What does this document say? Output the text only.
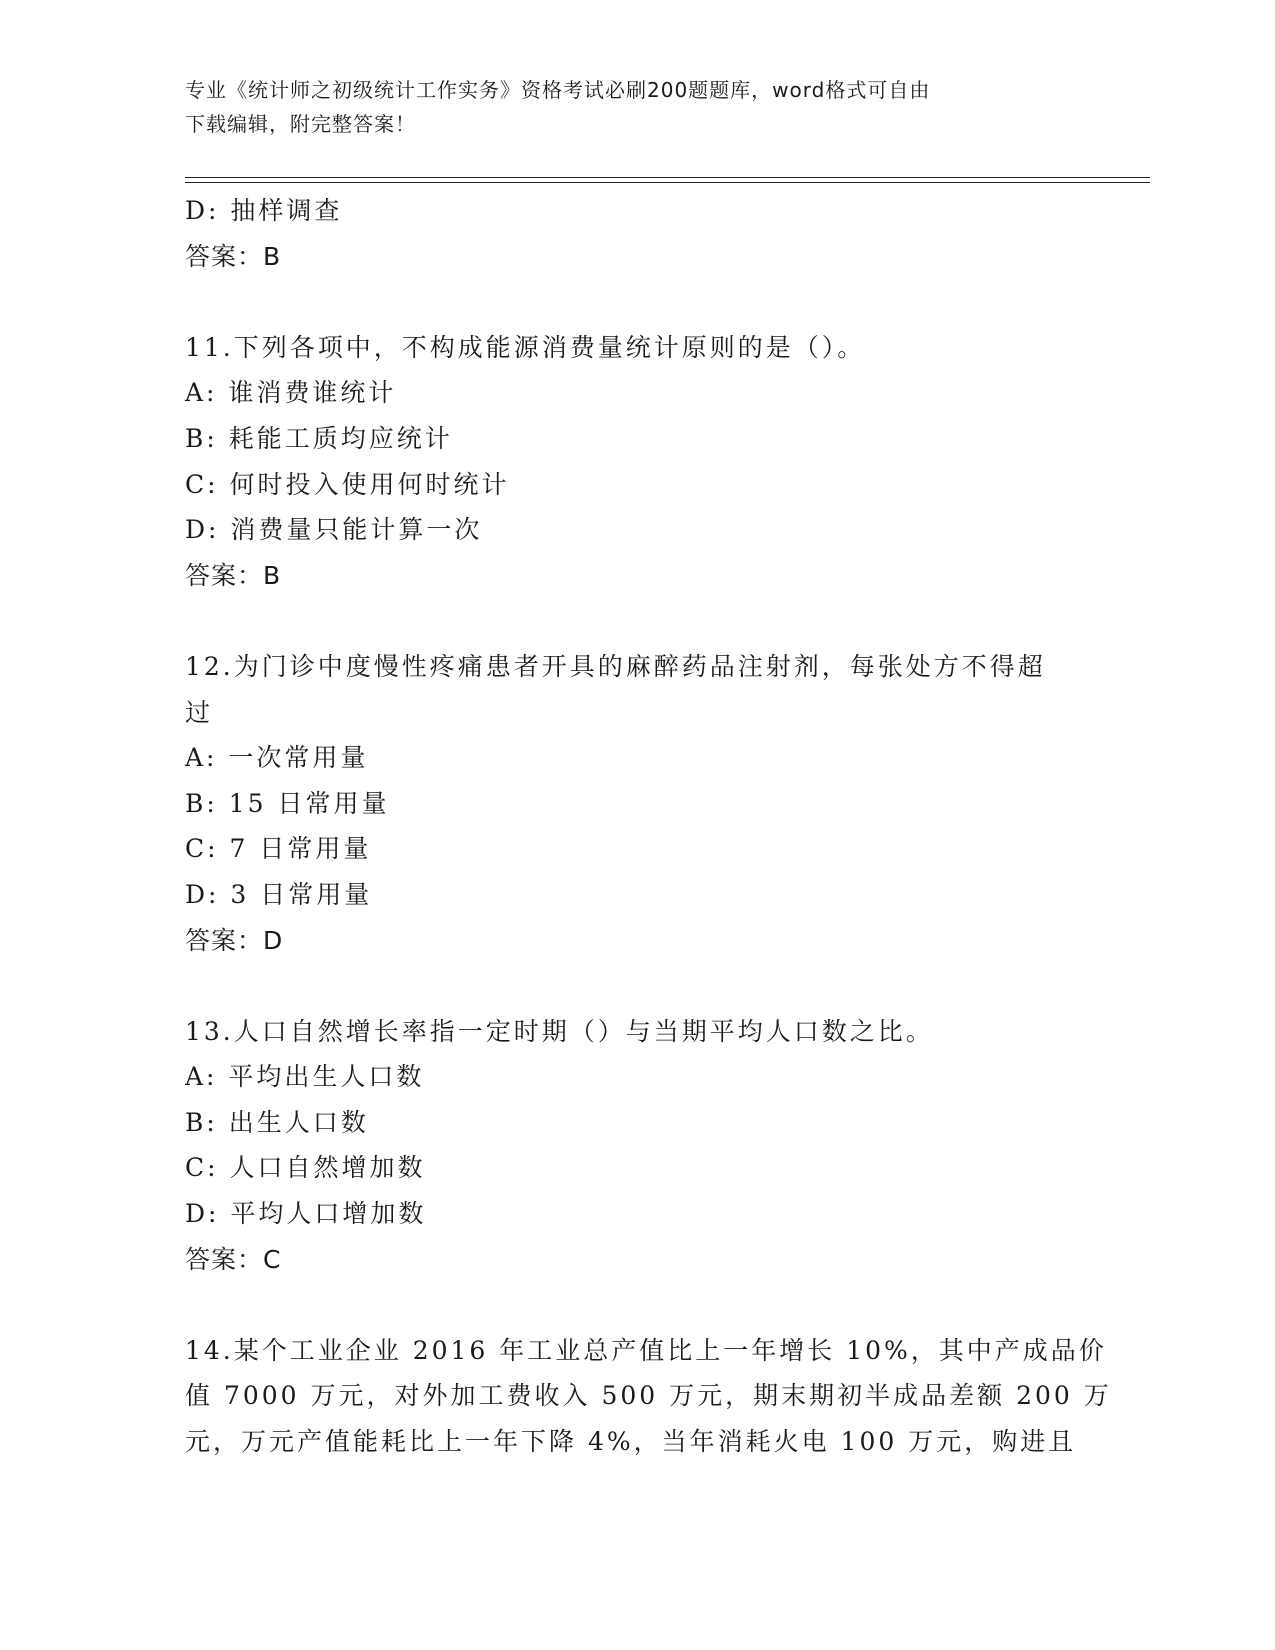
专业《统计师之初级统计工作实务》资格考试必刷200题题库，word格式可自由
下载编辑，附完整答案！
D: 抽样调查
答案：B
11.下列各项中，不构成能源消费量统计原则的是（）。
A: 谁消费谁统计
B: 耗能工质均应统计
C: 何时投入使用何时统计
D: 消费量只能计算一次
答案：B
12.为门诊中度慢性疼痛患者开具的麻醉药品注射剂，每张处方不得超
过
A: 一次常用量
B: 15 日常用量
C: 7 日常用量
D: 3 日常用量
答案：D
13.人口自然增长率指一定时期（）与当期平均人口数之比。
A: 平均出生人口数
B: 出生人口数
C: 人口自然增加数
D: 平均人口增加数
答案：C
14.某个工业企业 2016 年工业总产值比上一年增长 10%，其中产成品价
值 7000 万元，对外加工费收入 500 万元，期末期初半成品差额 200 万
元，万元产值能耗比上一年下降 4%，当年消耗火电 100 万元，购进且
